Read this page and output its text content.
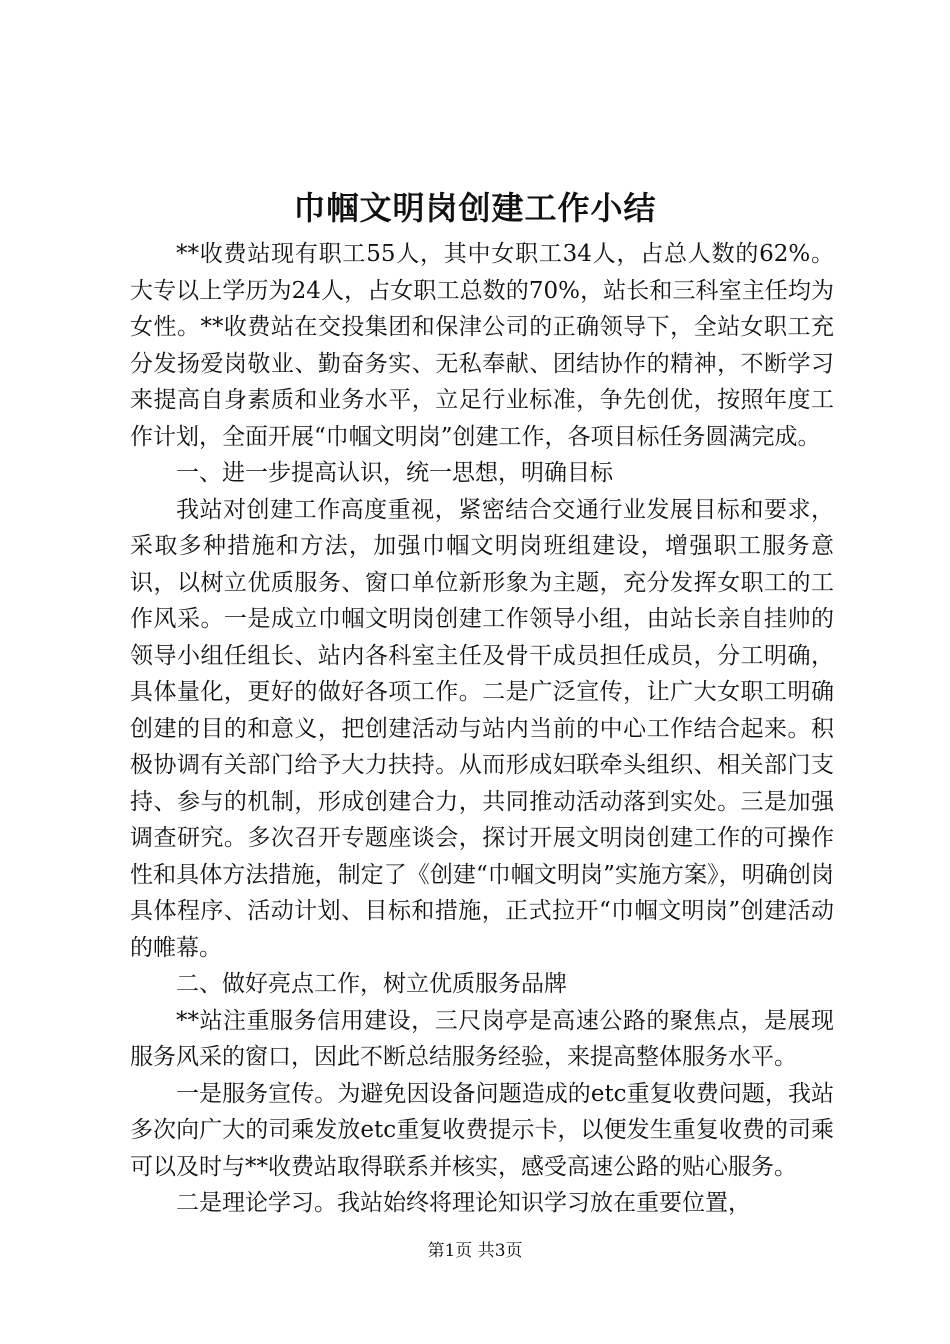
巾帼文明岗创建工作小结

**收费站现有职工55人，其中女职工34人，占总人数的62%。大专以上学历为24人，占女职工总数的70%，站长和三科室主任均为女性。**收费站在交投集团和保津公司的正确领导下，全站女职工充分发扬爱岗敬业、勤奋务实、无私奉献、团结协作的精神，不断学习来提高自身素质和业务水平，立足行业标准，争先创优，按照年度工作计划，全面开展“巾帼文明岗”创建工作，各项目标任务圆满完成。

一、进一步提高认识，统一思想，明确目标

我站对创建工作高度重视，紧密结合交通行业发展目标和要求，采取多种措施和方法，加强巾帼文明岗班组建设，增强职工服务意识，以树立优质服务、窗口单位新形象为主题，充分发挥女职工的工作风采。一是成立巾帼文明岗创建工作领导小组，由站长亲自挂帅的领导小组任组长、站内各科室主任及骨干成员担任成员，分工明确，具体量化，更好的做好各项工作。二是广泛宣传，让广大女职工明确创建的目的和意义，把创建活动与站内当前的中心工作结合起来。积极协调有关部门给予大力扶持。从而形成妇联牵头组织、相关部门支持、参与的机制，形成创建合力，共同推动活动落到实处。三是加强调查研究。多次召开专题座谈会，探讨开展文明岗创建工作的可操作性和具体方法措施，制定了《创建“巾帼文明岗”实施方案》，明确创岗具体程序、活动计划、目标和措施，正式拉开“巾帼文明岗”创建活动的帷幕。

二、做好亮点工作，树立优质服务品牌

**站注重服务信用建设，三尺岗亭是高速公路的聚焦点，是展现服务风采的窗口，因此不断总结服务经验，来提高整体服务水平。

一是服务宣传。为避免因设备问题造成的etc重复收费问题，我站多次向广大的司乘发放etc重复收费提示卡，以便发生重复收费的司乘可以及时与**收费站取得联系并核实，感受高速公路的贴心服务。

二是理论学习。我站始终将理论知识学习放在重要位置，

第1页 共3页
